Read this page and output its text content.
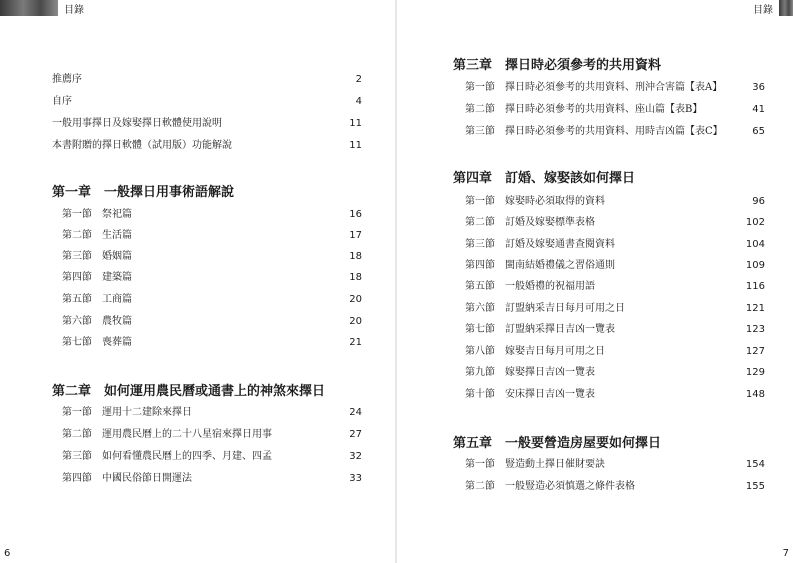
目錄
推薦序	2
自序	4
一般用事擇日及嫁娶擇日軟體使用說明	11
本書附贈的擇日軟體（試用版）功能解說	11
第一章　一般擇日用事術語解說
第一節　祭祀篇	16
第二節　生活篇	17
第三節　婚姻篇	18
第四節　建築篇	18
第五節　工商篇	20
第六節　農牧篇	20
第七節　喪葬篇	21
第二章　如何運用農民曆或通書上的神煞來擇日
第一節　運用十二建除來擇日	24
第二節　運用農民曆上的二十八星宿來擇日用事	27
第三節　如何看懂農民曆上的四季、月建、四孟	32
第四節　中國民俗節日開運法	33
6
目錄
第三章　擇日時必須參考的共用資料
第一節　擇日時必須參考的共用資料、刑沖合害篇【表A】	36
第二節　擇日時必須參考的共用資料、座山篇【表B】	41
第三節　擇日時必須參考的共用資料、用時吉凶篇【表C】	65
第四章　訂婚、嫁娶該如何擇日
第一節　嫁娶時必須取得的資料	96
第二節　訂婚及嫁娶標準表格	102
第三節　訂婚及嫁娶通書查閱資料	104
第四節　閩南結婚禮儀之習俗通則	109
第五節　一般婚禮的祝福用語	116
第六節　訂盟納采吉日每月可用之日	121
第七節　訂盟納采擇日吉凶一覽表	123
第八節　嫁娶吉日每月可用之日	127
第九節　嫁娶擇日吉凶一覽表	129
第十節　安床擇日吉凶一覽表	148
第五章　一般要營造房屋要如何擇日
第一節　豎造動土擇日催財要訣	154
第二節　一般豎造必須慎選之條件表格	155
7
